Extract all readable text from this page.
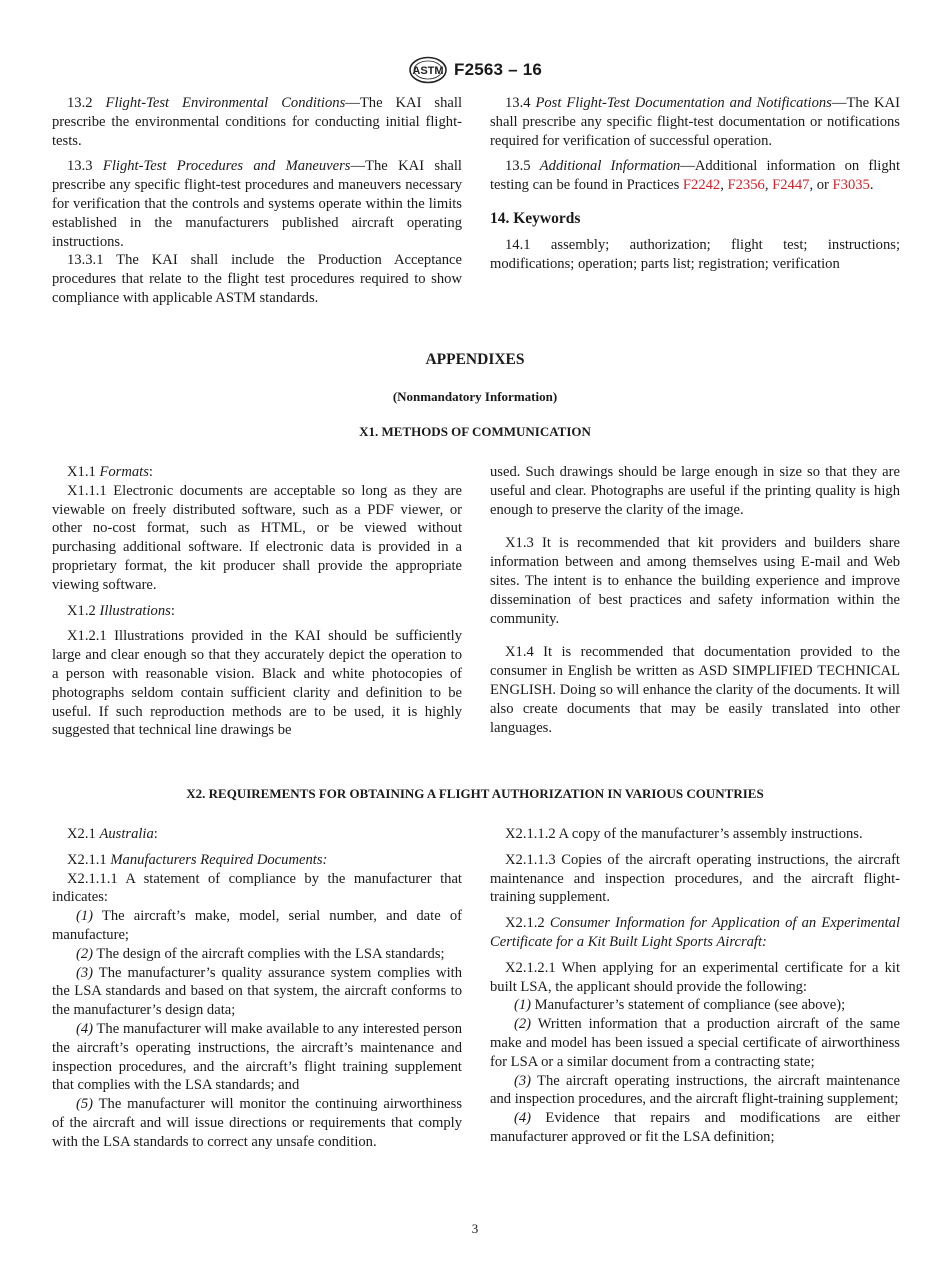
ASTM F2563 – 16

13.2 Flight-Test Environmental Conditions—The KAI shall prescribe the environmental conditions for conducting initial flight-tests.

13.3 Flight-Test Procedures and Maneuvers—The KAI shall prescribe any specific flight-test procedures and maneuvers necessary for verification that the controls and systems operate within the limits established in the manufacturers published aircraft operating instructions.

13.3.1 The KAI shall include the Production Acceptance procedures that relate to the flight test procedures required to show compliance with applicable ASTM standards.

13.4 Post Flight-Test Documentation and Notifications—The KAI shall prescribe any specific flight-test documentation or notifications required for verification of successful operation.

13.5 Additional Information—Additional information on flight testing can be found in Practices F2242, F2356, F2447, or F3035.

14. Keywords

14.1 assembly; authorization; flight test; instructions; modifications; operation; parts list; registration; verification

APPENDIXES
(Nonmandatory Information)
X1. METHODS OF COMMUNICATION

X1.1 Formats:

X1.1.1 Electronic documents are acceptable so long as they are viewable on freely distributed software, such as a PDF viewer, or other no-cost format, such as HTML, or be viewed without purchasing additional software. If electronic data is provided in a proprietary format, the kit producer shall provide the appropriate viewing software.

X1.2 Illustrations:

X1.2.1 Illustrations provided in the KAI should be sufficiently large and clear enough so that they accurately depict the operation to a person with reasonable vision. Black and white photocopies of photographs seldom contain sufficient clarity and definition to be useful. If such reproduction methods are to be used, it is highly suggested that technical line drawings be

used. Such drawings should be large enough in size so that they are useful and clear. Photographs are useful if the printing quality is high enough to preserve the clarity of the image.

X1.3 It is recommended that kit providers and builders share information between and among themselves using E-mail and Web sites. The intent is to enhance the building experience and improve dissemination of best practices and safety information within the community.

X1.4 It is recommended that documentation provided to the consumer in English be written as ASD SIMPLIFIED TECHNICAL ENGLISH. Doing so will enhance the clarity of the documents. It will also create documents that may be easily translated into other languages.

X2. REQUIREMENTS FOR OBTAINING A FLIGHT AUTHORIZATION IN VARIOUS COUNTRIES

X2.1 Australia:

X2.1.1 Manufacturers Required Documents:

X2.1.1.1 A statement of compliance by the manufacturer that indicates:

(1) The aircraft’s make, model, serial number, and date of manufacture;

(2) The design of the aircraft complies with the LSA standards;

(3) The manufacturer’s quality assurance system complies with the LSA standards and based on that system, the aircraft conforms to the manufacturer’s design data;

(4) The manufacturer will make available to any interested person the aircraft’s operating instructions, the aircraft’s maintenance and inspection procedures, and the aircraft’s flight training supplement that complies with the LSA standards; and

(5) The manufacturer will monitor the continuing airworthiness of the aircraft and will issue directions or requirements that comply with the LSA standards to correct any unsafe condition.

X2.1.1.2 A copy of the manufacturer’s assembly instructions.

X2.1.1.3 Copies of the aircraft operating instructions, the aircraft maintenance and inspection procedures, and the aircraft flight-training supplement.

X2.1.2 Consumer Information for Application of an Experimental Certificate for a Kit Built Light Sports Aircraft:

X2.1.2.1 When applying for an experimental certificate for a kit built LSA, the applicant should provide the following:

(1) Manufacturer’s statement of compliance (see above);

(2) Written information that a production aircraft of the same make and model has been issued a special certificate of airworthiness for LSA or a similar document from a contracting state;

(3) The aircraft operating instructions, the aircraft maintenance and inspection procedures, and the aircraft flight-training supplement;

(4) Evidence that repairs and modifications are either manufacturer approved or fit the LSA definition;

3
